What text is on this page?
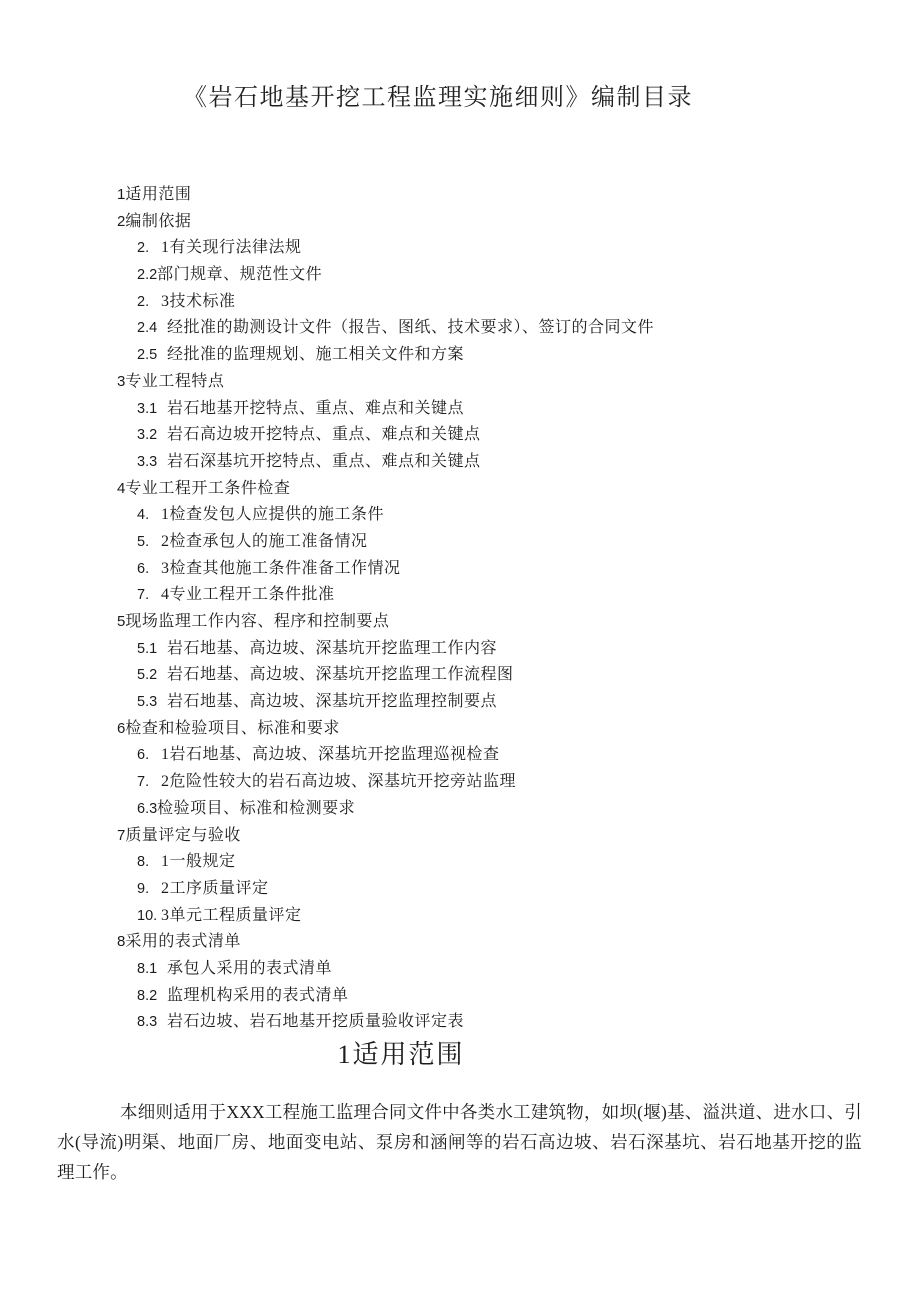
《岩石地基开挖工程监理实施细则》编制目录
1适用范围
2编制依据
2. 1有关现行法律法规
2.2部门规章、规范性文件
2. 3技术标准
2.4 经批准的勘测设计文件（报告、图纸、技术要求）、签订的合同文件
2.5 经批准的监理规划、施工相关文件和方案
3专业工程特点
3.1 岩石地基开挖特点、重点、难点和关键点
3.2 岩石高边坡开挖特点、重点、难点和关键点
3.3 岩石深基坑开挖特点、重点、难点和关键点
4专业工程开工条件检查
4. 1检查发包人应提供的施工条件
5. 2检查承包人的施工准备情况
6. 3检查其他施工条件准备工作情况
7. 4专业工程开工条件批准
5现场监理工作内容、程序和控制要点
5.1 岩石地基、高边坡、深基坑开挖监理工作内容
5.2 岩石地基、高边坡、深基坑开挖监理工作流程图
5.3 岩石地基、高边坡、深基坑开挖监理控制要点
6检查和检验项目、标准和要求
6. 1岩石地基、高边坡、深基坑开挖监理巡视检查
7. 2危险性较大的岩石高边坡、深基坑开挖旁站监理
6.3检验项目、标准和检测要求
7质量评定与验收
8. 1一般规定
9. 2工序质量评定
10. 3单元工程质量评定
8采用的表式清单
8.1 承包人采用的表式清单
8.2 监理机构采用的表式清单
8.3 岩石边坡、岩石地基开挖质量验收评定表
1适用范围

本细则适用于XXX工程施工监理合同文件中各类水工建筑物，如坝(堰)基、溢洪道、进水口、引水(导流)明渠、地面厂房、地面变电站、泵房和涵闸等的岩石高边坡、岩石深基坑、岩石地基开挖的监理工作。
